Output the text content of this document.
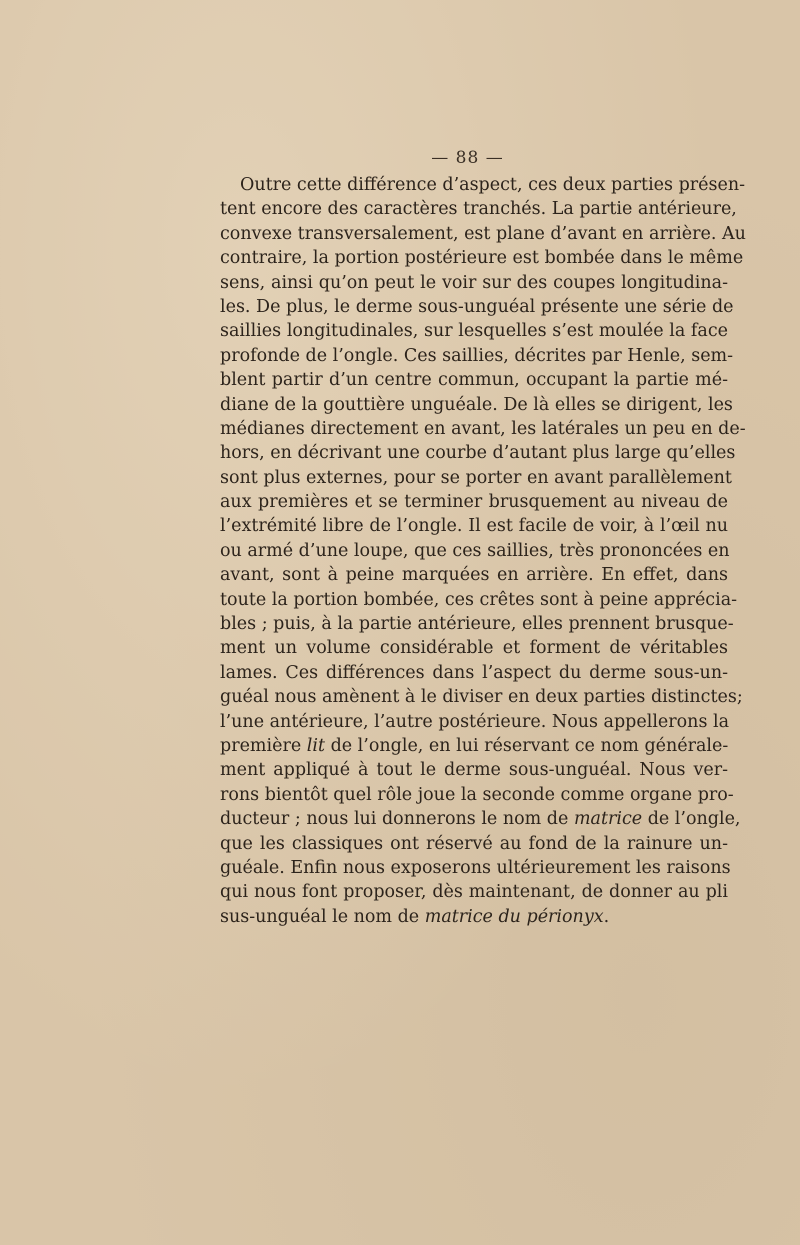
— 88 —
Outre cette différence d’aspect, ces deux parties présen-
tent encore des caractères tranchés. La partie antérieure,
convexe transversalement, est plane d’avant en arrière. Au
contraire, la portion postérieure est bombée dans le même
sens, ainsi qu’on peut le voir sur des coupes longitudina-
les. De plus, le derme sous-unguéal présente une série de
saillies longitudinales, sur lesquelles s’est moulée la face
profonde de l’ongle. Ces saillies, décrites par Henle, sem-
blent partir d’un centre commun, occupant la partie mé-
diane de la gouttière unguéale. De là elles se dirigent, les
médianes directement en avant, les latérales un peu en de-
hors, en décrivant une courbe d’autant plus large qu’elles
sont plus externes, pour se porter en avant parallèlement
aux premières et se terminer brusquement au niveau de
l’extrémité libre de l’ongle. Il est facile de voir, à l’œil nu
ou armé d’une loupe, que ces saillies, très prononcées en
avant, sont à peine marquées en arrière. En effet, dans
toute la portion bombée, ces crêtes sont à peine apprécia-
bles ; puis, à la partie antérieure, elles prennent brusque-
ment un volume considérable et forment de véritables
lames. Ces différences dans l’aspect du derme sous-un-
guéal nous amènent à le diviser en deux parties distinctes;
l’une antérieure, l’autre postérieure. Nous appellerons la
première lit de l’ongle, en lui réservant ce nom générale-
ment appliqué à tout le derme sous-unguéal. Nous ver-
rons bientôt quel rôle joue la seconde comme organe pro-
ducteur ; nous lui donnerons le nom de matrice de l’ongle,
que les classiques ont réservé au fond de la rainure un-
guéale. Enfin nous exposerons ultérieurement les raisons
qui nous font proposer, dès maintenant, de donner au pli
sus-unguéal le nom de matrice du périonyx.
